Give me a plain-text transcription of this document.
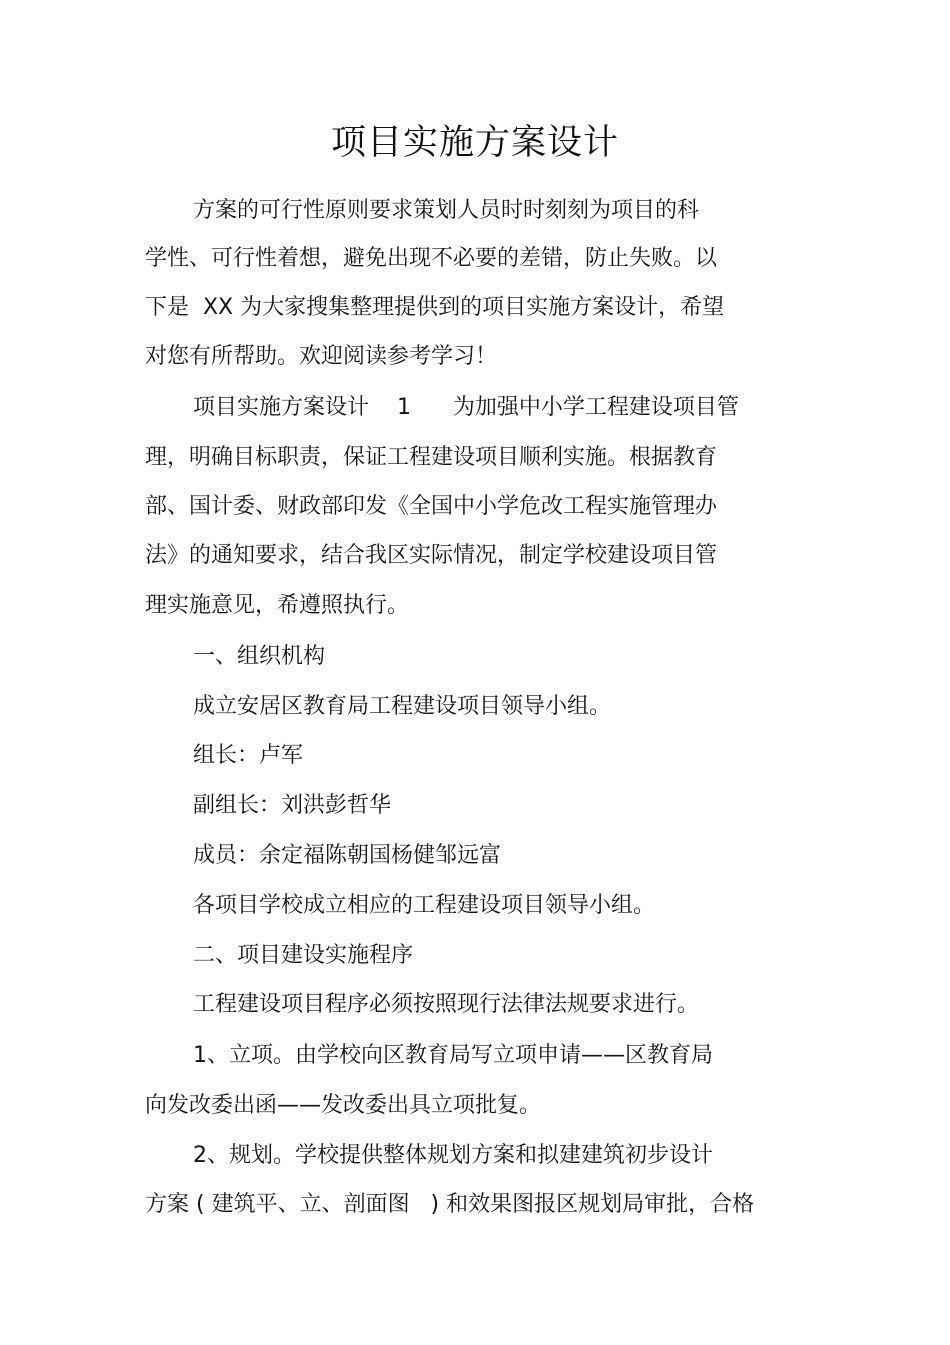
项目实施方案设计
方案的可行性原则要求策划人员时时刻刻为项目的科
学性、可行性着想，避免出现不必要的差错，防止失败。以
下是  XX 为大家搜集整理提供到的项目实施方案设计，希望
对您有所帮助。欢迎阅读参考学习！
项目实施方案设计    1      为加强中小学工程建设项目管
理，明确目标职责，保证工程建设项目顺利实施。根据教育
部、国计委、财政部印发《全国中小学危改工程实施管理办
法》的通知要求，结合我区实际情况，制定学校建设项目管
理实施意见，希遵照执行。
一、组织机构
成立安居区教育局工程建设项目领导小组。
组长：卢军
副组长：刘洪彭哲华
成员：余定福陈朝国杨健邹远富
各项目学校成立相应的工程建设项目领导小组。
二、项目建设实施程序
工程建设项目程序必须按照现行法律法规要求进行。
1、立项。由学校向区教育局写立项申请——区教育局
向发改委出函——发改委出具立项批复。
2、规划。学校提供整体规划方案和拟建建筑初步设计
方案 ( 建筑平、立、剖面图   ) 和效果图报区规划局审批，合格
